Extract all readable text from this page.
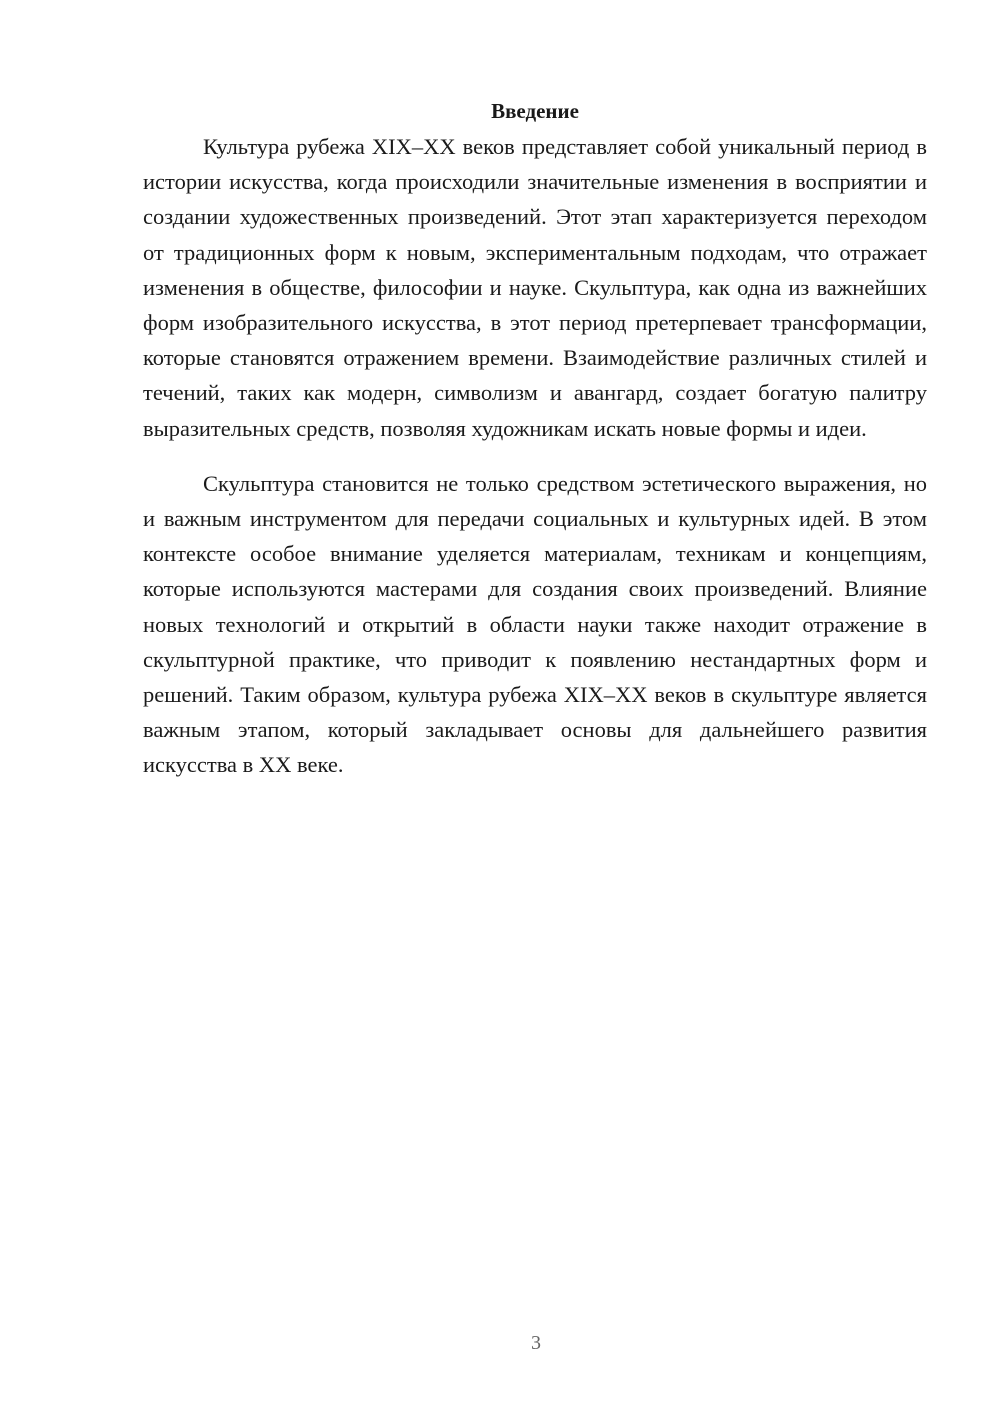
Введение

Культура рубежа XIX–XX веков представляет собой уникальный период в истории искусства, когда происходили значительные изменения в восприятии и создании художественных произведений. Этот этап характеризуется переходом от традиционных форм к новым, экспериментальным подходам, что отражает изменения в обществе, философии и науке. Скульптура, как одна из важнейших форм изобразительного искусства, в этот период претерпевает трансформации, которые становятся отражением времени. Взаимодействие различных стилей и течений, таких как модерн, символизм и авангард, создает богатую палитру выразительных средств, позволяя художникам искать новые формы и идеи.

Скульптура становится не только средством эстетического выражения, но и важным инструментом для передачи социальных и культурных идей. В этом контексте особое внимание уделяется материалам, техникам и концепциям, которые используются мастерами для создания своих произведений. Влияние новых технологий и открытий в области науки также находит отражение в скульптурной практике, что приводит к появлению нестандартных форм и решений. Таким образом, культура рубежа XIX–XX веков в скульптуре является важным этапом, который закладывает основы для дальнейшего развития искусства в XX веке.

3
